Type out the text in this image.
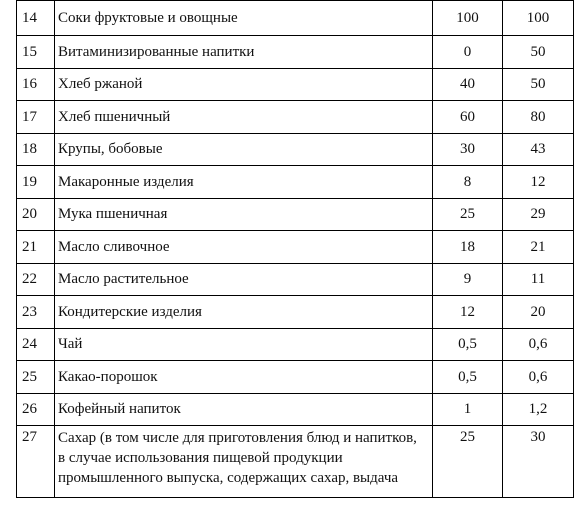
14	Соки фруктовые и овощные	100	100
15	Витаминизированные напитки	0	50
16	Хлеб ржаной	40	50
17	Хлеб пшеничный	60	80
18	Крупы, бобовые	30	43
19	Макаронные изделия	8	12
20	Мука пшеничная	25	29
21	Масло сливочное	18	21
22	Масло растительное	9	11
23	Кондитерские изделия	12	20
24	Чай	0,5	0,6
25	Какао-порошок	0,5	0,6
26	Кофейный напиток	1	1,2
27	Сахар (в том числе для приготовления блюд и напитков,
в случае использования пищевой продукции
промышленного выпуска, содержащих сахар, выдача	25	30
